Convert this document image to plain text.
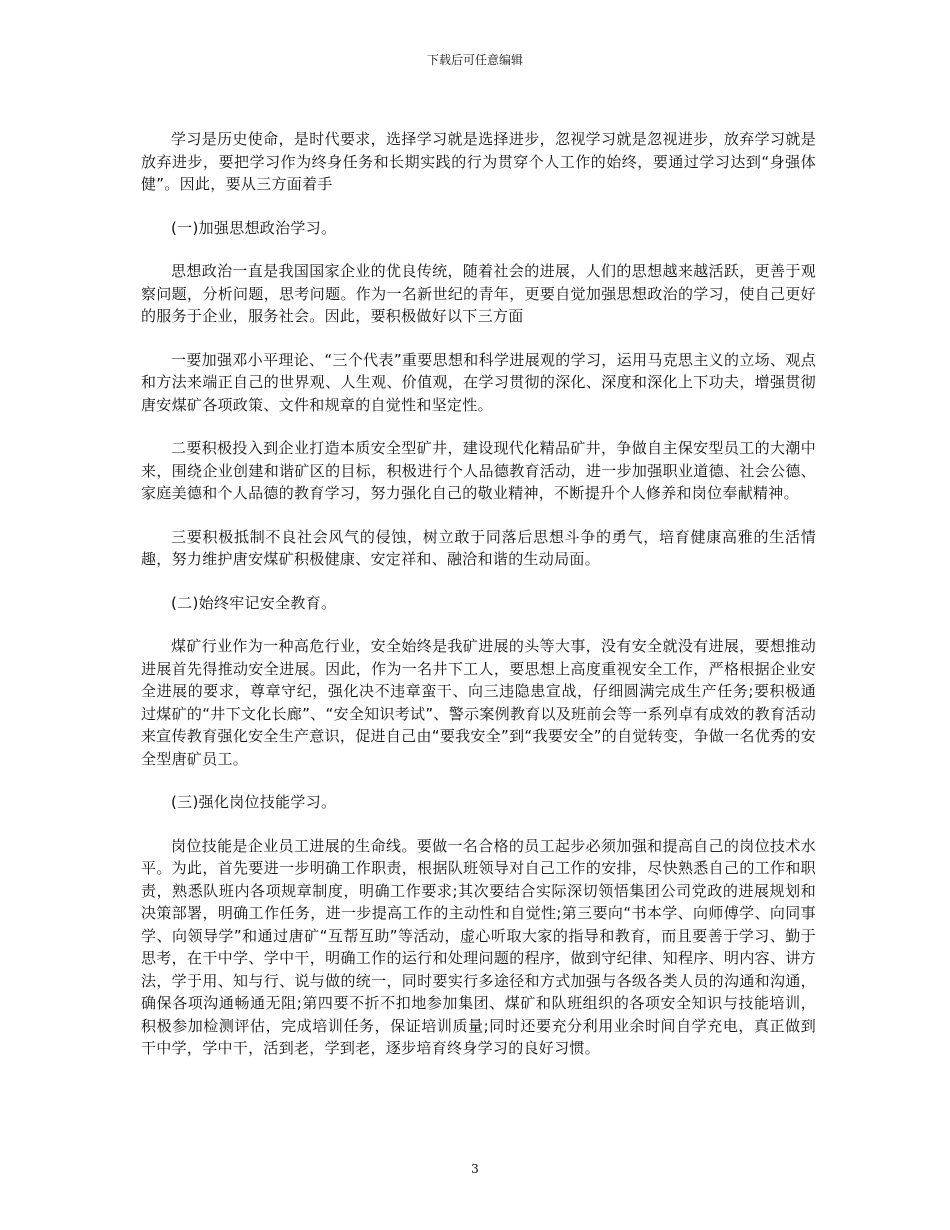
下载后可任意编辑

学习是历史使命，是时代要求，选择学习就是选择进步，忽视学习就是忽视进步，放弃学习就是放弃进步，要把学习作为终身任务和长期实践的行为贯穿个人工作的始终，要通过学习达到“身强体健”。因此，要从三方面着手

(一)加强思想政治学习。

思想政治一直是我国国家企业的优良传统，随着社会的进展，人们的思想越来越活跃，更善于观察问题，分析问题，思考问题。作为一名新世纪的青年，更要自觉加强思想政治的学习，使自己更好的服务于企业，服务社会。因此，要积极做好以下三方面

一要加强邓小平理论、“三个代表”重要思想和科学进展观的学习，运用马克思主义的立场、观点和方法来端正自己的世界观、人生观、价值观，在学习贯彻的深化、深度和深化上下功夫，增强贯彻唐安煤矿各项政策、文件和规章的自觉性和坚定性。

二要积极投入到企业打造本质安全型矿井，建设现代化精品矿井，争做自主保安型员工的大潮中来，围绕企业创建和谐矿区的目标，积极进行个人品德教育活动，进一步加强职业道德、社会公德、家庭美德和个人品德的教育学习，努力强化自己的敬业精神，不断提升个人修养和岗位奉献精神。

三要积极抵制不良社会风气的侵蚀，树立敢于同落后思想斗争的勇气，培育健康高雅的生活情趣，努力维护唐安煤矿积极健康、安定祥和、融洽和谐的生动局面。

(二)始终牢记安全教育。

煤矿行业作为一种高危行业，安全始终是我矿进展的头等大事，没有安全就没有进展，要想推动进展首先得推动安全进展。因此，作为一名井下工人，要思想上高度重视安全工作，严格根据企业安全进展的要求，尊章守纪，强化决不违章蛮干、向三违隐患宣战，仔细圆满完成生产任务;要积极通过煤矿的“井下文化长廊”、“安全知识考试”、警示案例教育以及班前会等一系列卓有成效的教育活动来宣传教育强化安全生产意识，促进自己由“要我安全”到“我要安全”的自觉转变，争做一名优秀的安全型唐矿员工。

(三)强化岗位技能学习。

岗位技能是企业员工进展的生命线。要做一名合格的员工起步必须加强和提高自己的岗位技术水平。为此，首先要进一步明确工作职责，根据队班领导对自己工作的安排，尽快熟悉自己的工作和职责，熟悉队班内各项规章制度，明确工作要求;其次要结合实际深切领悟集团公司党政的进展规划和决策部署，明确工作任务，进一步提高工作的主动性和自觉性;第三要向“书本学、向师傅学、向同事学、向领导学”和通过唐矿“互帮互助”等活动，虚心听取大家的指导和教育，而且要善于学习、勤于思考，在干中学、学中干，明确工作的运行和处理问题的程序，做到守纪律、知程序、明内容、讲方法，学于用、知与行、说与做的统一，同时要实行多途径和方式加强与各级各类人员的沟通和沟通，确保各项沟通畅通无阻;第四要不折不扣地参加集团、煤矿和队班组织的各项安全知识与技能培训，积极参加检测评估，完成培训任务，保证培训质量;同时还要充分利用业余时间自学充电，真正做到干中学，学中干，活到老，学到老，逐步培育终身学习的良好习惯。

3
